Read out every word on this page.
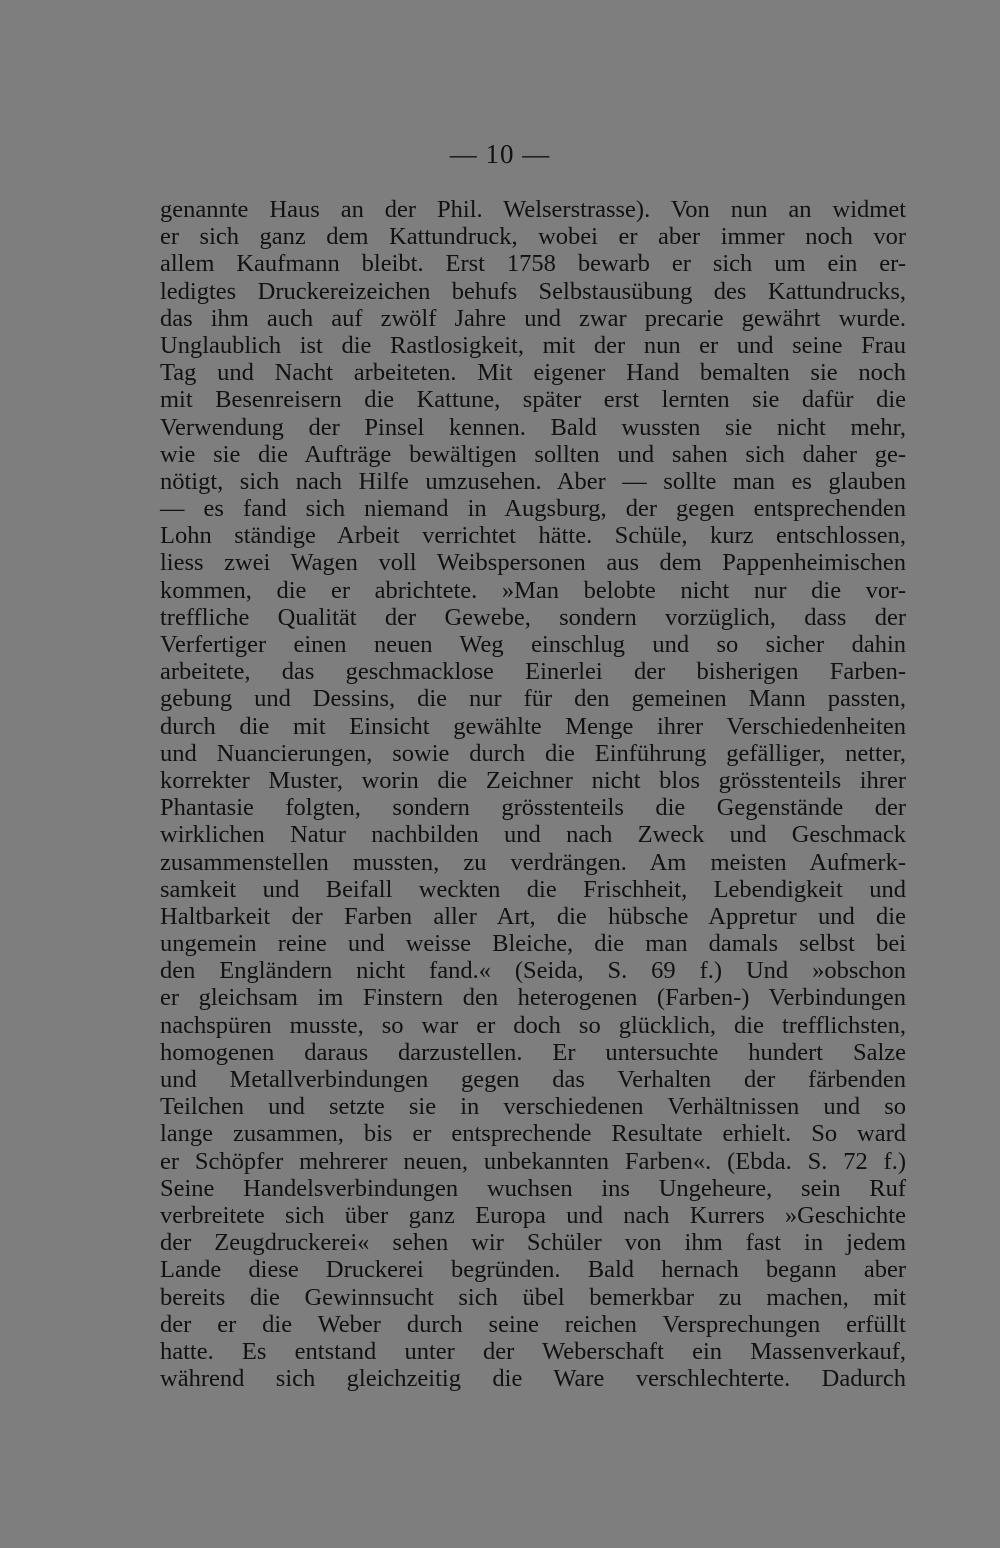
— 10 —
genannte Haus an der Phil. Welserstrasse). Von nun an widmet
er sich ganz dem Kattundruck, wobei er aber immer noch vor
allem Kaufmann bleibt. Erst 1758 bewarb er sich um ein er-
ledigtes Druckereizeichen behufs Selbstausübung des Kattundrucks,
das ihm auch auf zwölf Jahre und zwar precarie gewährt wurde.
Unglaublich ist die Rastlosigkeit, mit der nun er und seine Frau
Tag und Nacht arbeiteten. Mit eigener Hand bemalten sie noch
mit Besenreisern die Kattune, später erst lernten sie dafür die
Verwendung der Pinsel kennen. Bald wussten sie nicht mehr,
wie sie die Aufträge bewältigen sollten und sahen sich daher ge-
nötigt, sich nach Hilfe umzusehen. Aber — sollte man es glauben
— es fand sich niemand in Augsburg, der gegen entsprechenden
Lohn ständige Arbeit verrichtet hätte. Schüle, kurz entschlossen,
liess zwei Wagen voll Weibspersonen aus dem Pappenheimischen
kommen, die er abrichtete. »Man belobte nicht nur die vor-
treffliche Qualität der Gewebe, sondern vorzüglich, dass der
Verfertiger einen neuen Weg einschlug und so sicher dahin
arbeitete, das geschmacklose Einerlei der bisherigen Farben-
gebung und Dessins, die nur für den gemeinen Mann passten,
durch die mit Einsicht gewählte Menge ihrer Verschiedenheiten
und Nuancierungen, sowie durch die Einführung gefälliger, netter,
korrekter Muster, worin die Zeichner nicht blos grösstenteils ihrer
Phantasie folgten, sondern grösstenteils die Gegenstände der
wirklichen Natur nachbilden und nach Zweck und Geschmack
zusammenstellen mussten, zu verdrängen. Am meisten Aufmerk-
samkeit und Beifall weckten die Frischheit, Lebendigkeit und
Haltbarkeit der Farben aller Art, die hübsche Appretur und die
ungemein reine und weisse Bleiche, die man damals selbst bei
den Engländern nicht fand.« (Seida, S. 69 f.) Und »obschon
er gleichsam im Finstern den heterogenen (Farben-) Verbindungen
nachspüren musste, so war er doch so glücklich, die trefflichsten,
homogenen daraus darzustellen. Er untersuchte hundert Salze
und Metallverbindungen gegen das Verhalten der färbenden
Teilchen und setzte sie in verschiedenen Verhältnissen und so
lange zusammen, bis er entsprechende Resultate erhielt. So ward
er Schöpfer mehrerer neuen, unbekannten Farben«. (Ebda. S. 72 f.)
Seine Handelsverbindungen wuchsen ins Ungeheure, sein Ruf
verbreitete sich über ganz Europa und nach Kurrers »Geschichte
der Zeugdruckerei« sehen wir Schüler von ihm fast in jedem
Lande diese Druckerei begründen. Bald hernach begann aber
bereits die Gewinnsucht sich übel bemerkbar zu machen, mit
der er die Weber durch seine reichen Versprechungen erfüllt
hatte. Es entstand unter der Weberschaft ein Massenverkauf,
während sich gleichzeitig die Ware verschlechterte. Dadurch
